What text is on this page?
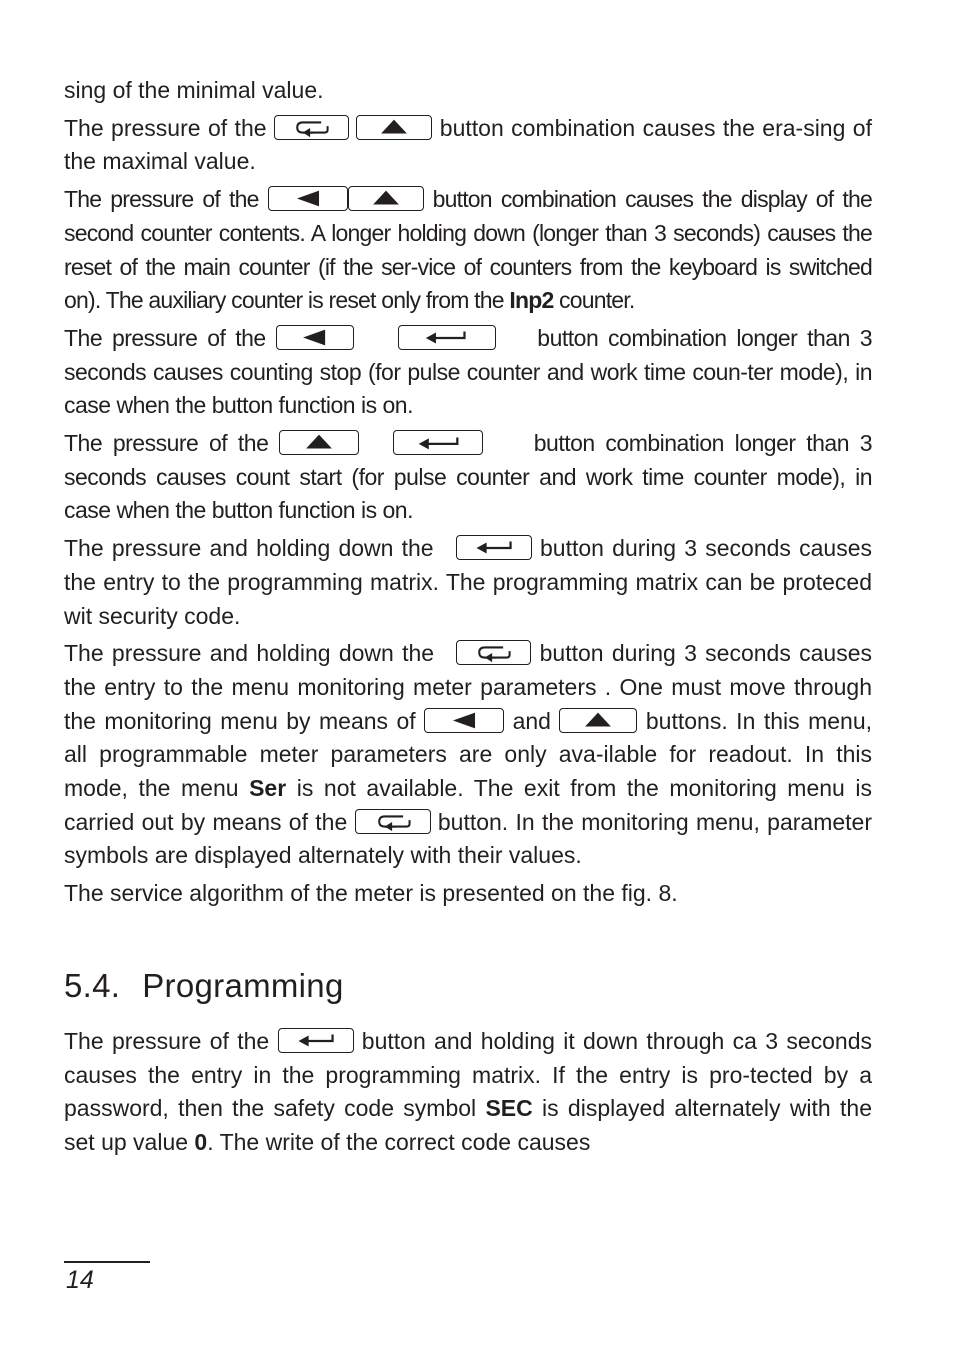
sing of the minimal value.

The pressure of the
	button combination causes the era-sing of the maximal value.

The pressure of the	button combination causes the display of the second counter contents. A longer holding down (longer than 3 seconds) causes the reset of the main counter (if the ser-vice of counters from the keyboard is switched on). The auxiliary counter is reset only from the Inp2 counter.

The pressure of the	button combination longer than 3 seconds causes counting stop (for pulse counter and work time coun-ter mode), in case when the button function is on.

The pressure of the	button combination longer than 3 seconds causes count start (for pulse counter and work time counter mode), in case when the button function is on.

The pressure and holding down the	button during 3 seconds causes the entry to the programming matrix. The programming matrix can be proteced wit security code.

The pressure and holding down the	button during 3 seconds causes the entry to the menu monitoring meter parameters . One must move through the monitoring menu by means of	and	buttons. In this menu, all programmable meter parameters are only ava-ilable for readout. In this mode, the menu Ser is not available. The exit from the monitoring menu is carried out by means of the	button. In the monitoring menu, parameter symbols are displayed alternately with their values.

The service algorithm of the meter is presented on the fig. 8.

5.4. Programming

The pressure of the	button and holding it down through ca 3 seconds causes the entry in the programming matrix. If the entry is pro-tected by a password, then the safety code symbol SEC is displayed alternately with the set up value 0. The write of the correct code causes

14
